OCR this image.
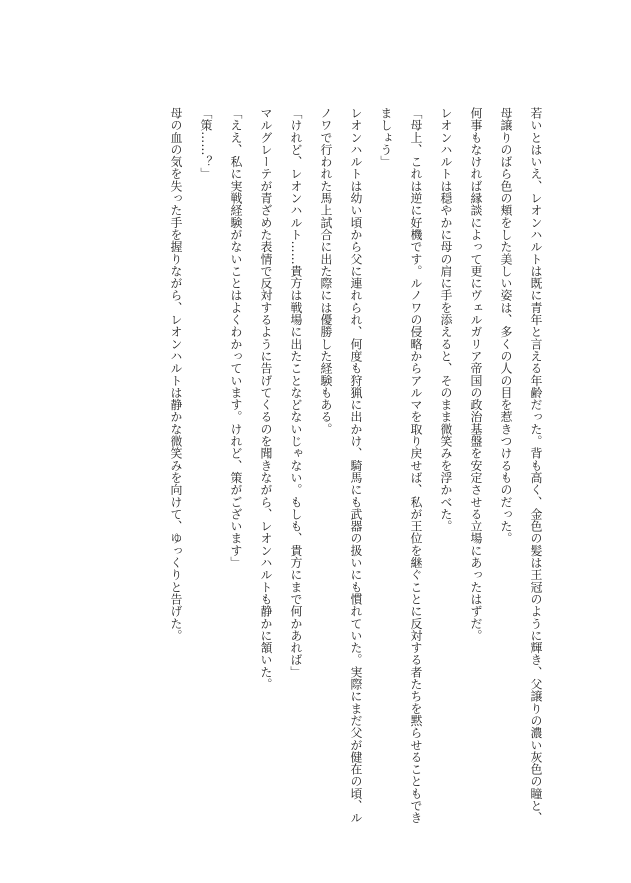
若いとはいえ、レオンハルトは既に青年と言える年齢だった。背も高く、金色の髪は王冠のように輝き、父譲りの濃い灰色の瞳と、母譲りのばら色の頬をした美しい姿は、多くの人の目を惹きつけるものだった。

何事もなければ縁談によって更にヴェルガリア帝国の政治基盤を安定させる立場にあったはずだ。

レオンハルトは穏やかに母の肩に手を添えると、そのまま微笑みを浮かべた。

「母上、これは逆に好機です。ルノワの侵略からアルマを取り戻せば、私が王位を継ぐことに反対する者たちを黙らせることもできましょう」

レオンハルトは幼い頃から父に連れられ、何度も狩猟に出かけ、騎馬にも武器の扱いにも慣れていた。実際にまだ父が健在の頃、ルノワで行われた馬上試合に出た際には優勝した経験もある。

「けれど、レオンハルト……貴方は戦場に出たことなどないじゃない。もしも、貴方にまで何かあれば」

マルグレーテが青ざめた表情で反対するように告げてくるのを聞きながら、レオンハルトも静かに頷いた。

「ええ、私に実戦経験がないことはよくわかっています。けれど、策がございます」

「策……？」

母の血の気を失った手を握りながら、レオンハルトは静かな微笑みを向けて、ゆっくりと告げた。
